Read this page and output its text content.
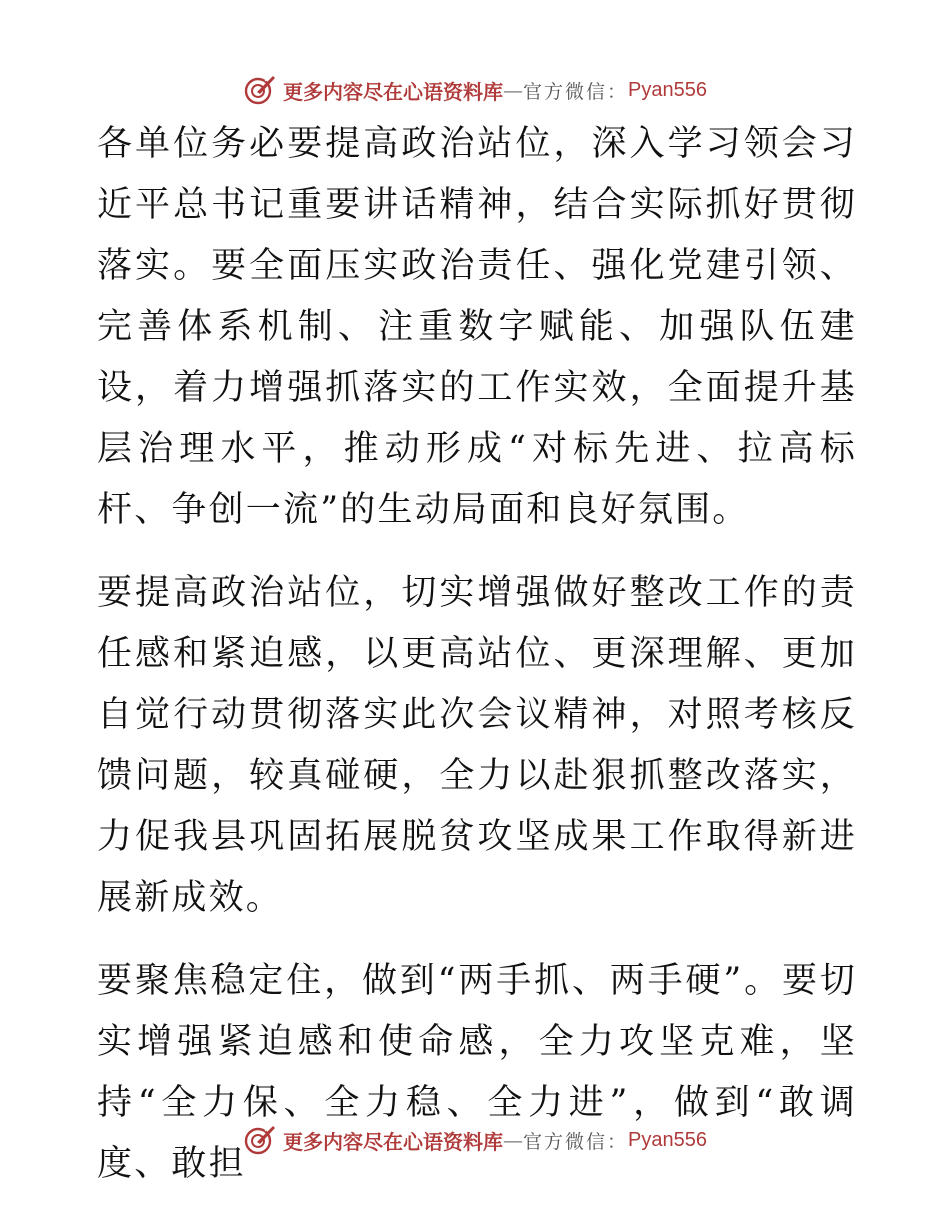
更多内容尽在心语资料库 — 官方微信： Pyan556

各单位务必要提高政治站位，深入学习领会习近平总书记重要讲话精神，结合实际抓好贯彻落实。要全面压实政治责任、强化党建引领、完善体系机制、注重数字赋能、加强队伍建设，着力增强抓落实的工作实效，全面提升基层治理水平，推动形成“对标先进、拉高标杆、争创一流”的生动局面和良好氛围。

要提高政治站位，切实增强做好整改工作的责任感和紧迫感，以更高站位、更深理解、更加自觉行动贯彻落实此次会议精神，对照考核反馈问题，较真碰硬，全力以赴狠抓整改落实，力促我县巩固拓展脱贫攻坚成果工作取得新进展新成效。

要聚焦稳定住，做到“两手抓、两手硬”。要切实增强紧迫感和使命感，全力攻坚克难，坚持“全力保、全力稳、全力进”，做到“敢调度、敢担

更多内容尽在心语资料库 — 官方微信： Pyan556
